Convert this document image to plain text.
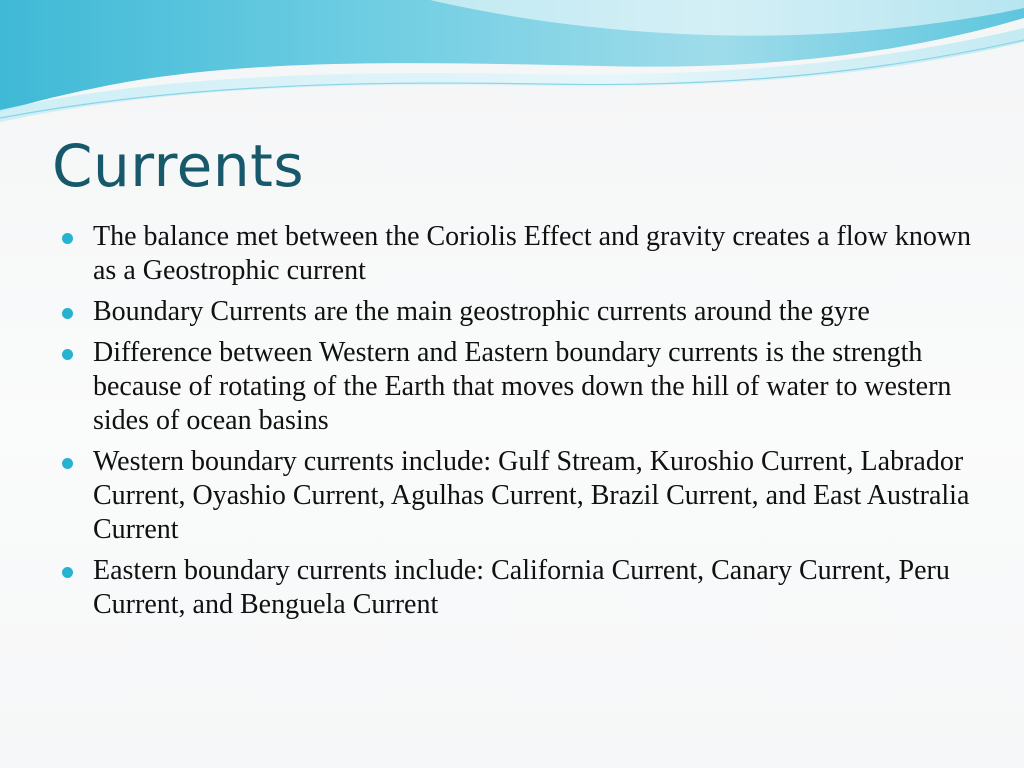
Currents
The balance met between the Coriolis Effect and gravity creates a flow known as a Geostrophic current
Boundary Currents are the main geostrophic currents around the gyre
Difference between Western and Eastern boundary currents is the strength because of rotating of the Earth that moves down the hill of water to western sides of ocean basins
Western boundary currents include: Gulf Stream, Kuroshio Current, Labrador Current, Oyashio Current, Agulhas Current, Brazil Current, and East Australia Current
Eastern boundary currents include: California Current, Canary Current, Peru Current, and Benguela Current
